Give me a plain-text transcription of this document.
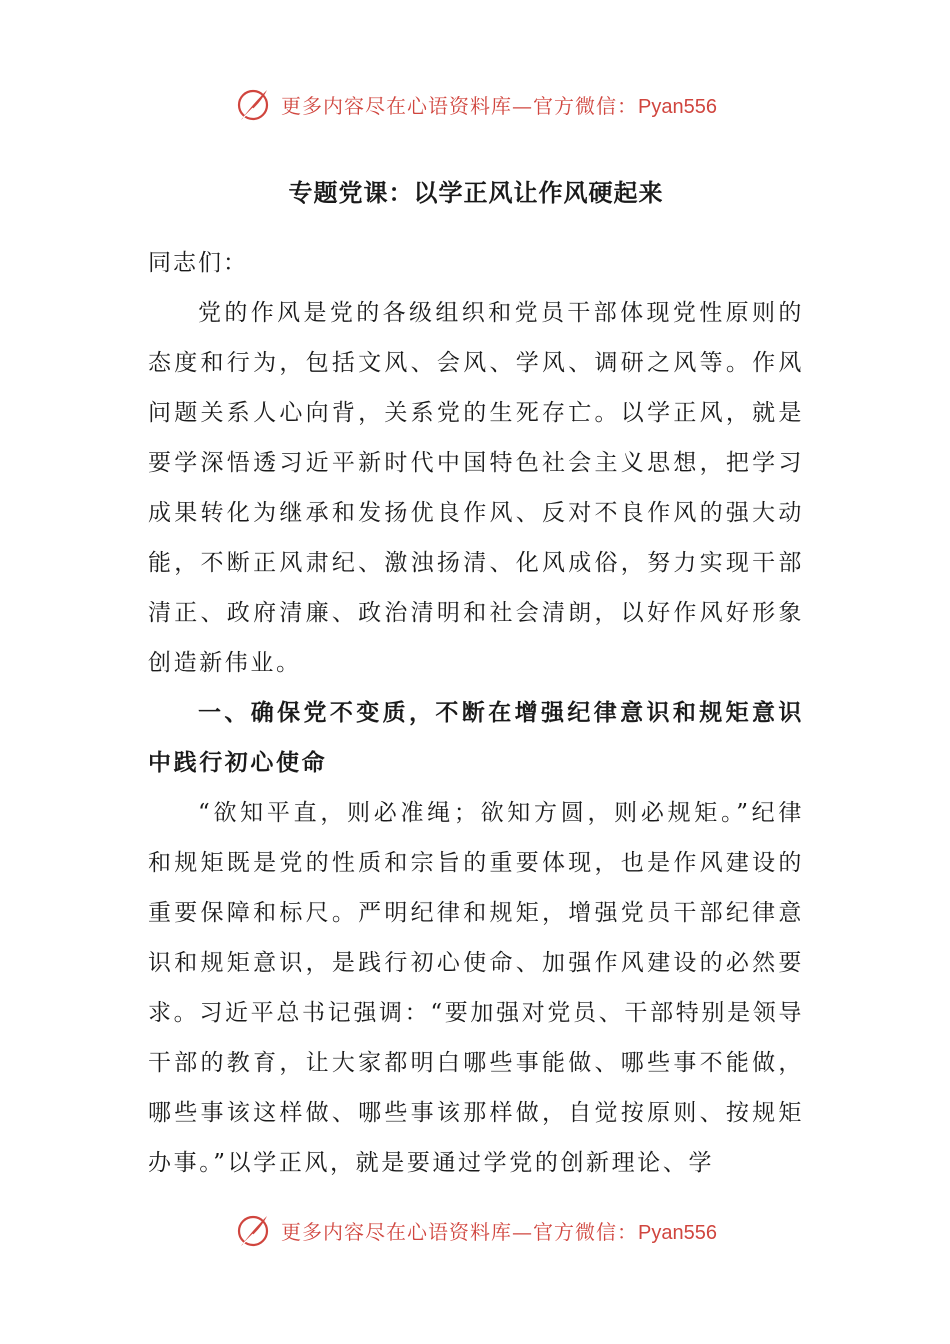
更多内容尽在心语资料库—官方微信：Pyan556
专题党课：以学正风让作风硬起来

同志们：

党的作风是党的各级组织和党员干部体现党性原则的态度和行为，包括文风、会风、学风、调研之风等。作风问题关系人心向背，关系党的生死存亡。以学正风，就是要学深悟透习近平新时代中国特色社会主义思想，把学习成果转化为继承和发扬优良作风、反对不良作风的强大动能，不断正风肃纪、激浊扬清、化风成俗，努力实现干部清正、政府清廉、政治清明和社会清朗，以好作风好形象创造新伟业。

一、确保党不变质，不断在增强纪律意识和规矩意识中践行初心使命

“欲知平直，则必准绳；欲知方圆，则必规矩。”纪律和规矩既是党的性质和宗旨的重要体现，也是作风建设的重要保障和标尺。严明纪律和规矩，增强党员干部纪律意识和规矩意识，是践行初心使命、加强作风建设的必然要求。习近平总书记强调：“要加强对党员、干部特别是领导干部的教育，让大家都明白哪些事能做、哪些事不能做，哪些事该这样做、哪些事该那样做，自觉按原则、按规矩办事。”以学正风，就是要通过学党的创新理论、学

更多内容尽在心语资料库—官方微信：Pyan556
